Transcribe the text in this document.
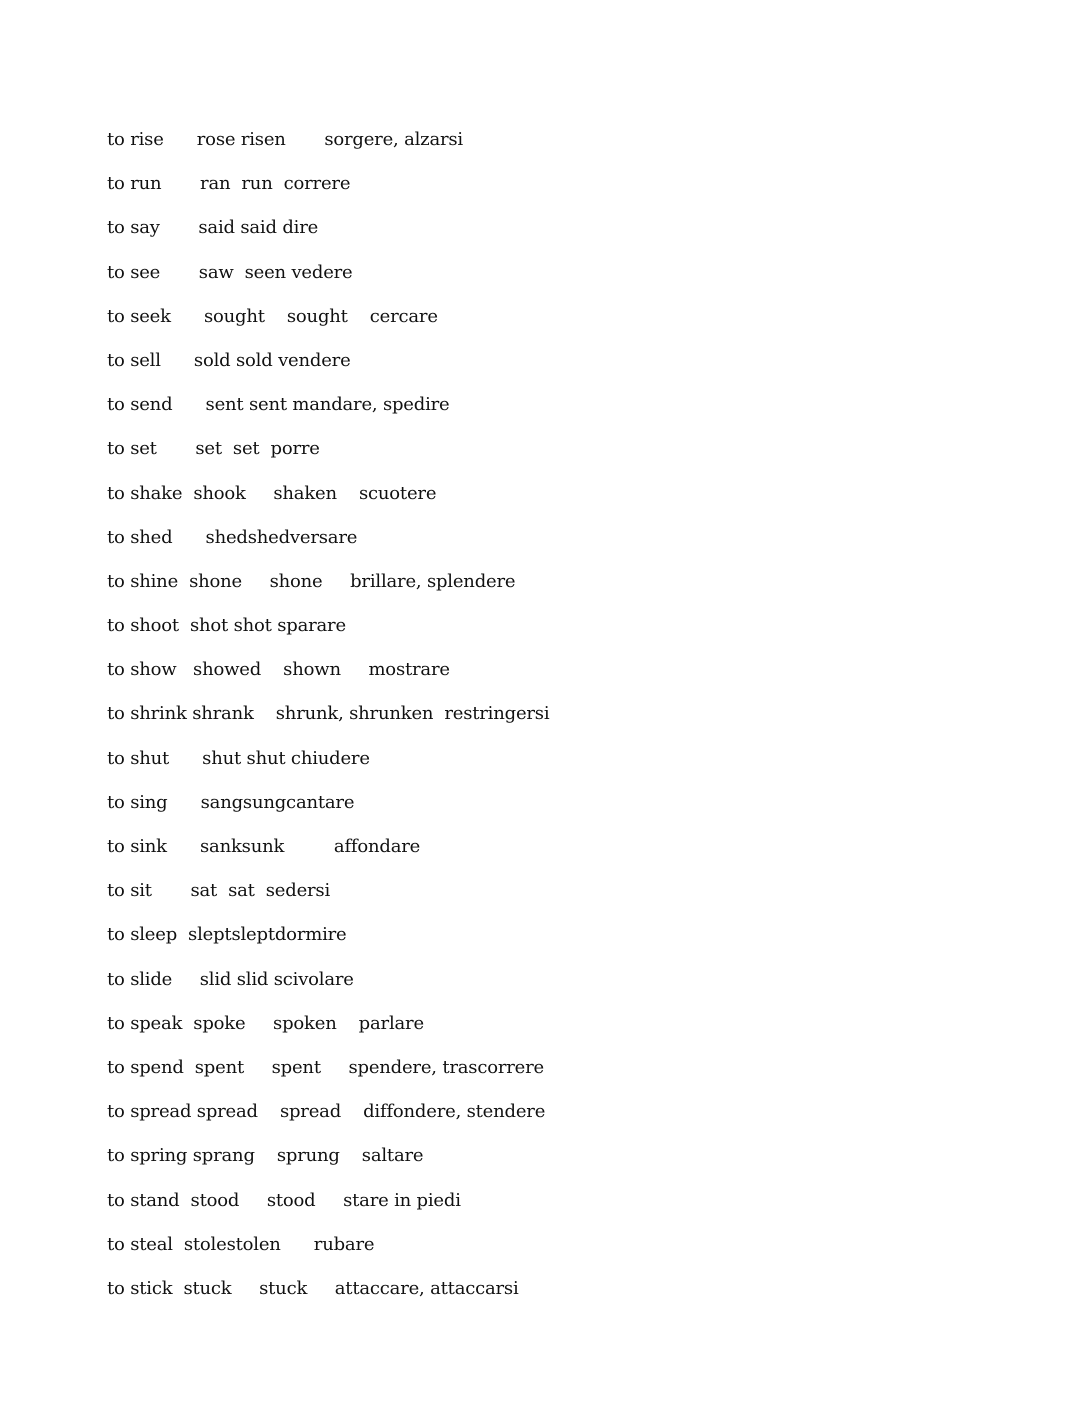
to rise      rose risen       sorgere, alzarsi
to run       ran  run  correre
to say       said said dire
to see       saw  seen vedere
to seek      sought    sought    cercare
to sell      sold sold vendere
to send      sent sent mandare, spedire
to set       set  set  porre
to shake  shook     shaken    scuotere
to shed      shedshedversare
to shine  shone     shone     brillare, splendere
to shoot  shot shot sparare
to show   showed    shown     mostrare
to shrink shrank    shrunk, shrunken  restringersi
to shut      shut shut chiudere
to sing      sangsungcantare
to sink      sanksunk         affondare
to sit       sat  sat  sedersi
to sleep  sleptsleptdormire
to slide     slid slid scivolare
to speak  spoke     spoken    parlare
to spend  spent     spent     spendere, trascorrere
to spread spread    spread    diffondere, stendere
to spring sprang    sprung    saltare
to stand  stood     stood     stare in piedi
to steal  stolestolen      rubare
to stick  stuck     stuck     attaccare, attaccarsi
